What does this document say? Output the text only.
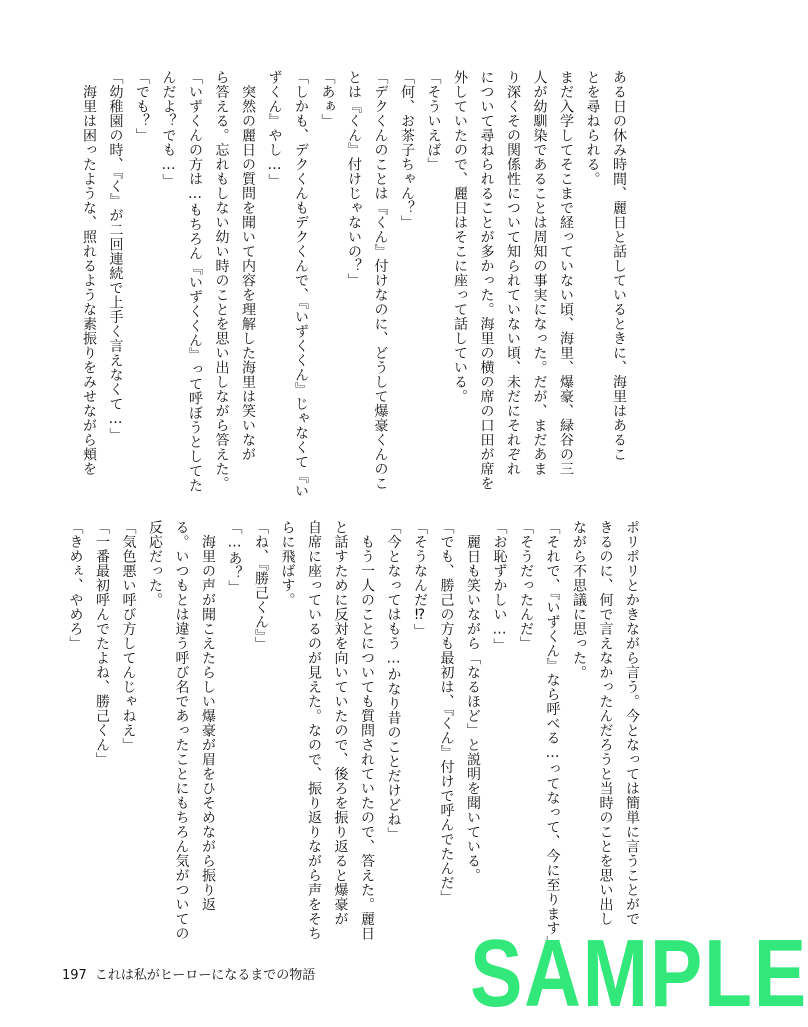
ある日の休み時間、麗日と話しているときに、海里はあるこ
とを尋ねられる。
まだ入学してそこまで経っていない頃、海里、爆豪、緑谷の三
人が幼馴染であることは周知の事実になった。だが、まだあま
り深くその関係性について知られていない頃、未だにそれぞれ
について尋ねられることが多かった。海里の横の席の口田が席を
外していたので、麗日はそこに座って話している。
「そういえば」
「何、お茶子ちゃん？」
「デクくんのことは『くん』付けなのに、どうして爆豪くんのこ
とは『くん』付けじゃないの？」
「あぁ」
「しかも、デクくんもデクくんで、『いずくくん』じゃなくて『い
ずくん』やし…」
　突然の麗日の質問を聞いて内容を理解した海里は笑いなが
ら答える。忘れもしない幼い時のことを思い出しながら答えた。
「いずくんの方は…もちろん『いずくくん』って呼ぼうとしてた
んだよ？でも…」
「でも？」
「幼稚園の時、『く』が二回連続で上手く言えなくて…」
　海里は困ったような、照れるような素振りをみせながら頬を
ポリポリとかきながら言う。今となっては簡単に言うことがで
きるのに、何で言えなかったんだろうと当時のことを思い出し
ながら不思議に思った。
「それで、『いずくん』なら呼べる…ってなって、今に至ります」
「そうだったんだ」
「お恥ずかしい…」
　麗日も笑いながら「なるほど」と説明を聞いている。
「でも、勝己の方も最初は、『くん』付けで呼んでたんだ」
「そうなんだ⁉」
「今となってはもう…かなり昔のことだけどね」
　もう一人のことについても質問されていたので、答えた。麗日
と話すために反対を向いていたので、後ろを振り返ると爆豪が
自席に座っているのが見えた。なので、振り返りながら声をそち
らに飛ばす。
「ね、『勝己くん』」
「…あ？」
　海里の声が聞こえたらしい爆豪が眉をひそめながら振り返
る。いつもとは違う呼び名であったことにもちろん気がついての
反応だった。
「気色悪い呼び方してんじゃねえ」
「一番最初呼んでたよね、勝己くん」
「きめぇ、やめろ」
197 これは私がヒーローになるまでの物語 SAMPLE
